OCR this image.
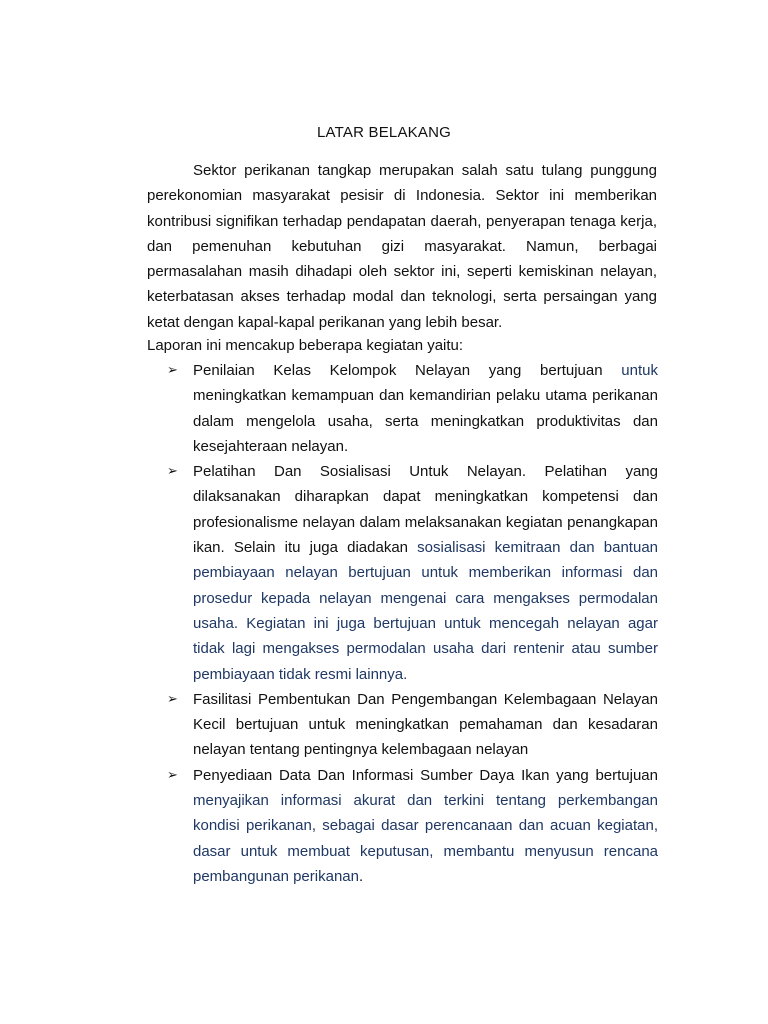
LATAR BELAKANG
Sektor perikanan tangkap merupakan salah satu tulang punggung perekonomian masyarakat pesisir di Indonesia. Sektor ini memberikan kontribusi signifikan terhadap pendapatan daerah, penyerapan tenaga kerja, dan pemenuhan kebutuhan gizi masyarakat. Namun, berbagai permasalahan masih dihadapi oleh sektor ini, seperti kemiskinan nelayan, keterbatasan akses terhadap modal dan teknologi, serta persaingan yang ketat dengan kapal-kapal perikanan yang lebih besar.
Laporan ini mencakup beberapa kegiatan yaitu:
➢ Penilaian Kelas Kelompok Nelayan yang bertujuan untuk meningkatkan kemampuan dan kemandirian pelaku utama perikanan dalam mengelola usaha, serta meningkatkan produktivitas dan kesejahteraan nelayan.
➢ Pelatihan Dan Sosialisasi Untuk Nelayan. Pelatihan yang dilaksanakan diharapkan dapat meningkatkan kompetensi dan profesionalisme nelayan dalam melaksanakan kegiatan penangkapan ikan. Selain itu juga diadakan sosialisasi kemitraan dan bantuan pembiayaan nelayan bertujuan untuk memberikan informasi dan prosedur kepada nelayan mengenai cara mengakses permodalan usaha. Kegiatan ini juga bertujuan untuk mencegah nelayan agar tidak lagi mengakses permodalan usaha dari rentenir atau sumber pembiayaan tidak resmi lainnya.
➢ Fasilitasi Pembentukan Dan Pengembangan Kelembagaan Nelayan Kecil bertujuan untuk meningkatkan pemahaman dan kesadaran nelayan tentang pentingnya kelembagaan nelayan
➢ Penyediaan Data Dan Informasi Sumber Daya Ikan yang bertujuan menyajikan informasi akurat dan terkini tentang perkembangan kondisi perikanan, sebagai dasar perencanaan dan acuan kegiatan, dasar untuk membuat keputusan, membantu menyusun rencana pembangunan perikanan.
